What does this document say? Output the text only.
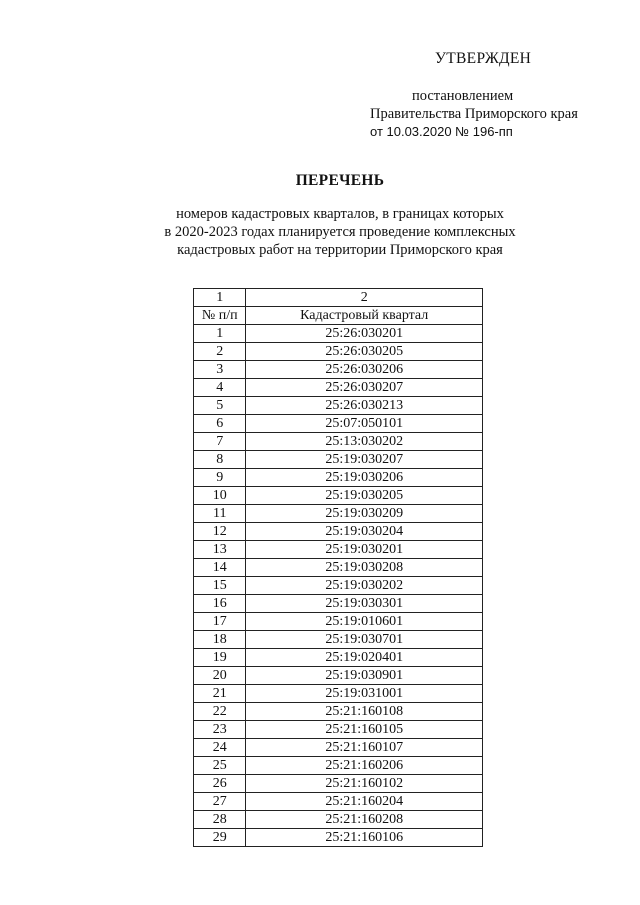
УТВЕРЖДЕН
постановлением
Правительства Приморского края
от 10.03.2020 № 196-пп
ПЕРЕЧЕНЬ
номеров кадастровых кварталов, в границах которых
в 2020-2023 годах планируется проведение комплексных
кадастровых работ на территории Приморского края
1	2
№ п/п	Кадастровый квартал
1	25:26:030201
2	25:26:030205
3	25:26:030206
4	25:26:030207
5	25:26:030213
6	25:07:050101
7	25:13:030202
8	25:19:030207
9	25:19:030206
10	25:19:030205
11	25:19:030209
12	25:19:030204
13	25:19:030201
14	25:19:030208
15	25:19:030202
16	25:19:030301
17	25:19:010601
18	25:19:030701
19	25:19:020401
20	25:19:030901
21	25:19:031001
22	25:21:160108
23	25:21:160105
24	25:21:160107
25	25:21:160206
26	25:21:160102
27	25:21:160204
28	25:21:160208
29	25:21:160106
